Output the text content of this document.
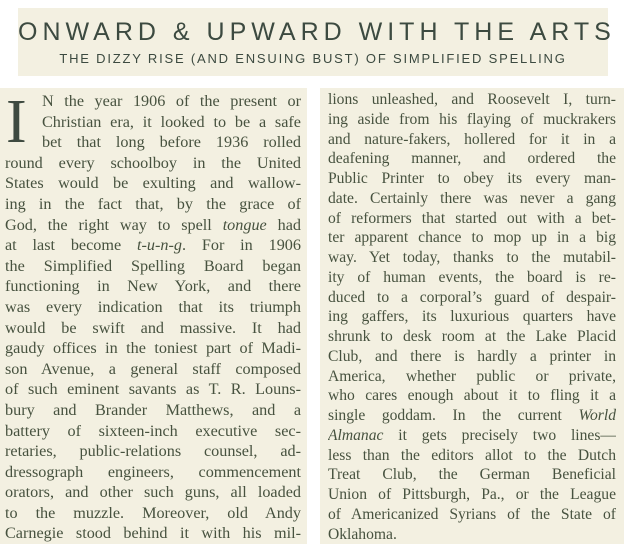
ONWARD & UPWARD WITH THE ARTS
THE DIZZY RISE (AND ENSUING BUST) OF SIMPLIFIED SPELLING
I N the year 1906 of the present or
Christian era, it looked to be a safe
bet that long before 1936 rolled
round every schoolboy in the United
States would be exulting and wallow-
ing in the fact that, by the grace of
God, the right way to spell tongue had
at last become t-u-n-g. For in 1906
the Simplified Spelling Board began
functioning in New York, and there
was every indication that its triumph
would be swift and massive. It had
gaudy offices in the toniest part of Madi-
son Avenue, a general staff composed
of such eminent savants as T. R. Louns-
bury and Brander Matthews, and a
battery of sixteen-inch executive sec-
retaries, public-relations counsel, ad-
dressograph engineers, commencement
orators, and other such guns, all loaded
to the muzzle. Moreover, old Andy
Carnegie stood behind it with his mil-
lions unleashed, and Roosevelt I, turn-
ing aside from his flaying of muckrakers
and nature-fakers, hollered for it in a
deafening manner, and ordered the
Public Printer to obey its every man-
date. Certainly there was never a gang
of reformers that started out with a bet-
ter apparent chance to mop up in a big
way. Yet today, thanks to the mutabil-
ity of human events, the board is re-
duced to a corporal’s guard of despair-
ing gaffers, its luxurious quarters have
shrunk to desk room at the Lake Placid
Club, and there is hardly a printer in
America, whether public or private,
who cares enough about it to fling it a
single goddam. In the current World
Almanac it gets precisely two lines—
less than the editors allot to the Dutch
Treat Club, the German Beneficial
Union of Pittsburgh, Pa., or the League
of Americanized Syrians of the State of
Oklahoma.
